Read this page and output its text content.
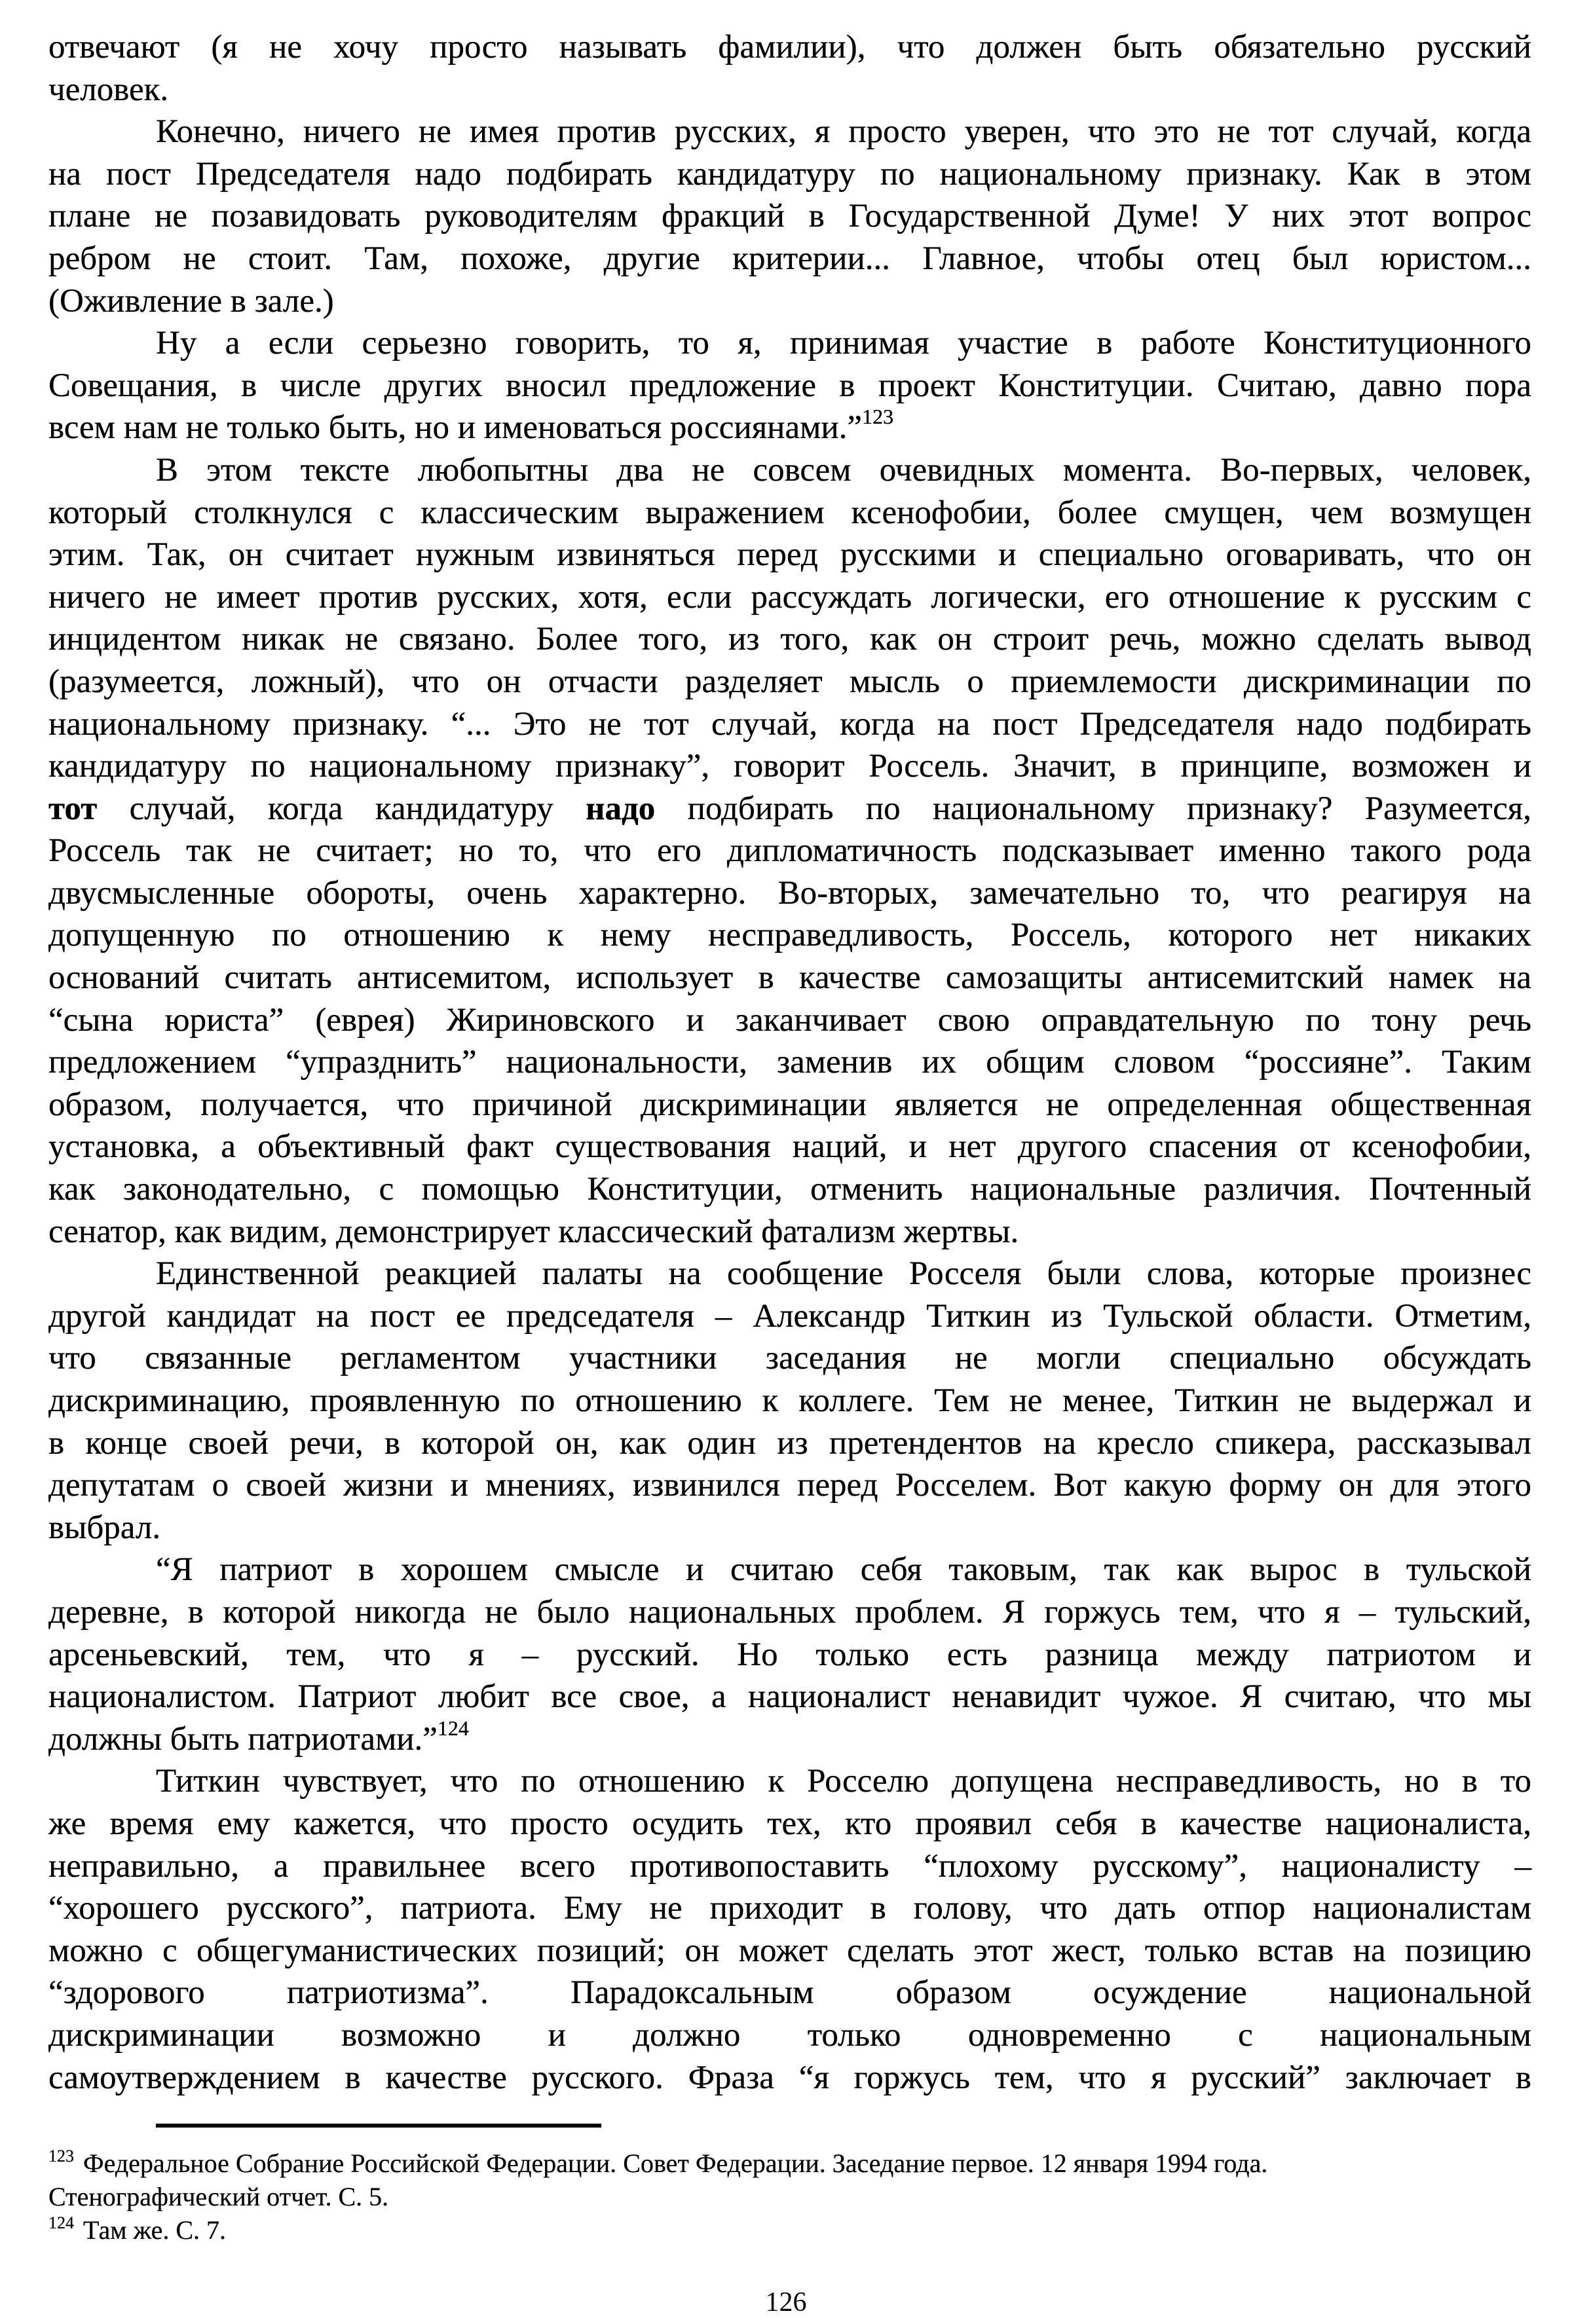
отвечают (я не хочу просто называть фамилии), что должен быть обязательно русский
человек.
Конечно, ничего не имея против русских, я просто уверен, что это не тот случай, когда
на пост Председателя надо подбирать кандидатуру по национальному признаку. Как в этом
плане не позавидовать руководителям фракций в Государственной Думе! У них этот вопрос
ребром не стоит. Там, похоже, другие критерии... Главное, чтобы отец был юристом...
(Оживление в зале.)
Ну а если серьезно говорить, то я, принимая участие в работе Конституционного
Совещания, в числе других вносил предложение в проект Конституции. Считаю, давно пора
всем нам не только быть, но и именоваться россиянами.”$^{123}$
В этом тексте любопытны два не совсем очевидных момента. Во-первых, человек,
который столкнулся с классическим выражением ксенофобии, более смущен, чем возмущен
этим. Так, он считает нужным извиняться перед русскими и специально оговаривать, что он
ничего не имеет против русских, хотя, если рассуждать логически, его отношение к русским с
инцидентом никак не связано. Более того, из того, как он строит речь, можно сделать вывод
(разумеется, ложный), что он отчасти разделяет мысль о приемлемости дискриминации по
национальному признаку. “... Это не тот случай, когда на пост Председателя надо подбирать
кандидатуру по национальному признаку”, говорит Россель. Значит, в принципе, возможен и
тот случай, когда кандидатуру надо подбирать по национальному признаку? Разумеется,
Россель так не считает; но то, что его дипломатичность подсказывает именно такого рода
двусмысленные обороты, очень характерно. Во-вторых, замечательно то, что реагируя на
допущенную по отношению к нему несправедливость, Россель, которого нет никаких
оснований считать антисемитом, использует в качестве самозащиты антисемитский намек на
“сына юриста” (еврея) Жириновского и заканчивает свою оправдательную по тону речь
предложением “упразднить” национальности, заменив их общим словом “россияне”. Таким
образом, получается, что причиной дискриминации является не определенная общественная
установка, а объективный факт существования наций, и нет другого спасения от ксенофобии,
как законодательно, с помощью Конституции, отменить национальные различия. Почтенный
сенатор, как видим, демонстрирует классический фатализм жертвы.
Единственной реакцией палаты на сообщение Росселя были слова, которые произнес
другой кандидат на пост ее председателя – Александр Титкин из Тульской области. Отметим,
что связанные регламентом участники заседания не могли специально обсуждать
дискриминацию, проявленную по отношению к коллеге. Тем не менее, Титкин не выдержал и
в конце своей речи, в которой он, как один из претендентов на кресло спикера, рассказывал
депутатам о своей жизни и мнениях, извинился перед Росселем. Вот какую форму он для этого
выбрал.
“Я патриот в хорошем смысле и считаю себя таковым, так как вырос в тульской
деревне, в которой никогда не было национальных проблем. Я горжусь тем, что я – тульский,
арсеньевский, тем, что я – русский. Но только есть разница между патриотом и
националистом. Патриот любит все свое, а националист ненавидит чужое. Я считаю, что мы
должны быть патриотами.”$^{124}$
Титкин чувствует, что по отношению к Росселю допущена несправедливость, но в то
же время ему кажется, что просто осудить тех, кто проявил себя в качестве националиста,
неправильно, а правильнее всего противопоставить “плохому русскому”, националисту –
“хорошего русского”, патриота. Ему не приходит в голову, что дать отпор националистам
можно с общегуманистических позиций; он может сделать этот жест, только встав на позицию
“здорового патриотизма”. Парадоксальным образом осуждение национальной
дискриминации возможно и должно только одновременно с национальным
самоутверждением в качестве русского. Фраза “я горжусь тем, что я русский” заключает в
$^{123}$ Федеральное Собрание Российской Федерации. Совет Федерации. Заседание первое. 12 января 1994 года.
Стенографический отчет. С. 5.
$^{124}$ Там же. С. 7.
126
